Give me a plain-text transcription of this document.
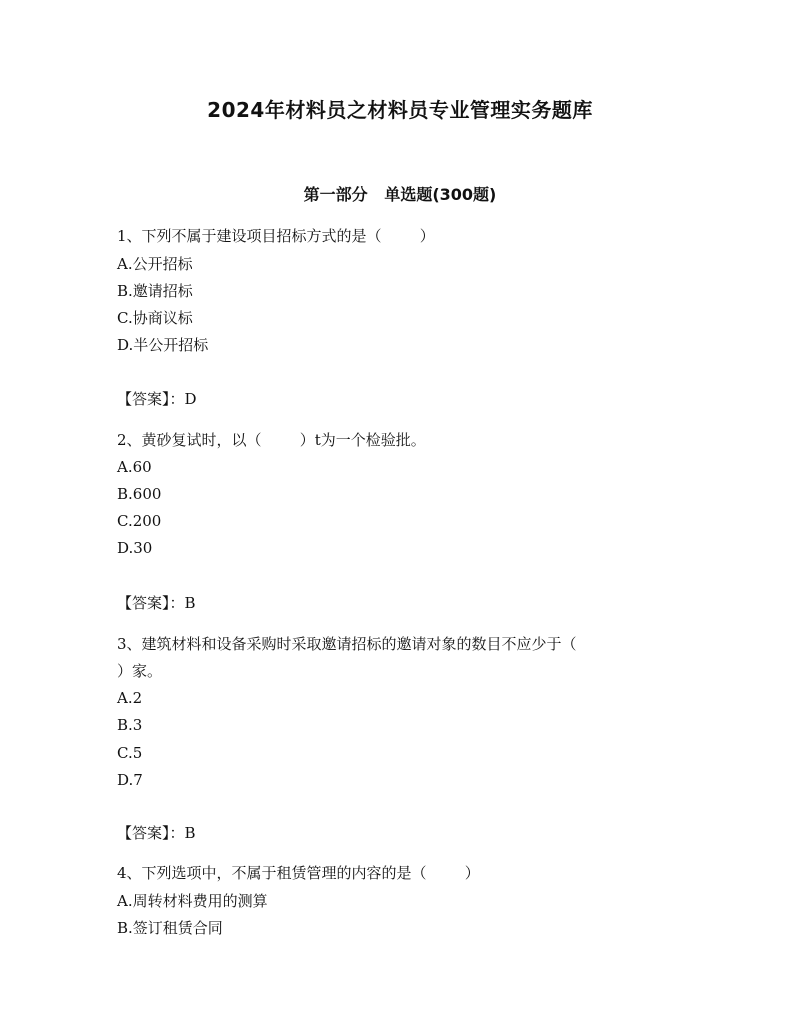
2024年材料员之材料员专业管理实务题库
第一部分   单选题(300题)
1、下列不属于建设项目招标方式的是（        ）
A.公开招标
B.邀请招标
C.协商议标
D.半公开招标
【答案】：D
2、黄砂复试时，以（        ）t为一个检验批。
A.60
B.600
C.200
D.30
【答案】：B
3、建筑材料和设备采购时采取邀请招标的邀请对象的数目不应少于（
）家。
A.2
B.3
C.5
D.7
【答案】：B
4、下列选项中，不属于租赁管理的内容的是（        ）
A.周转材料费用的测算
B.签订租赁合同
